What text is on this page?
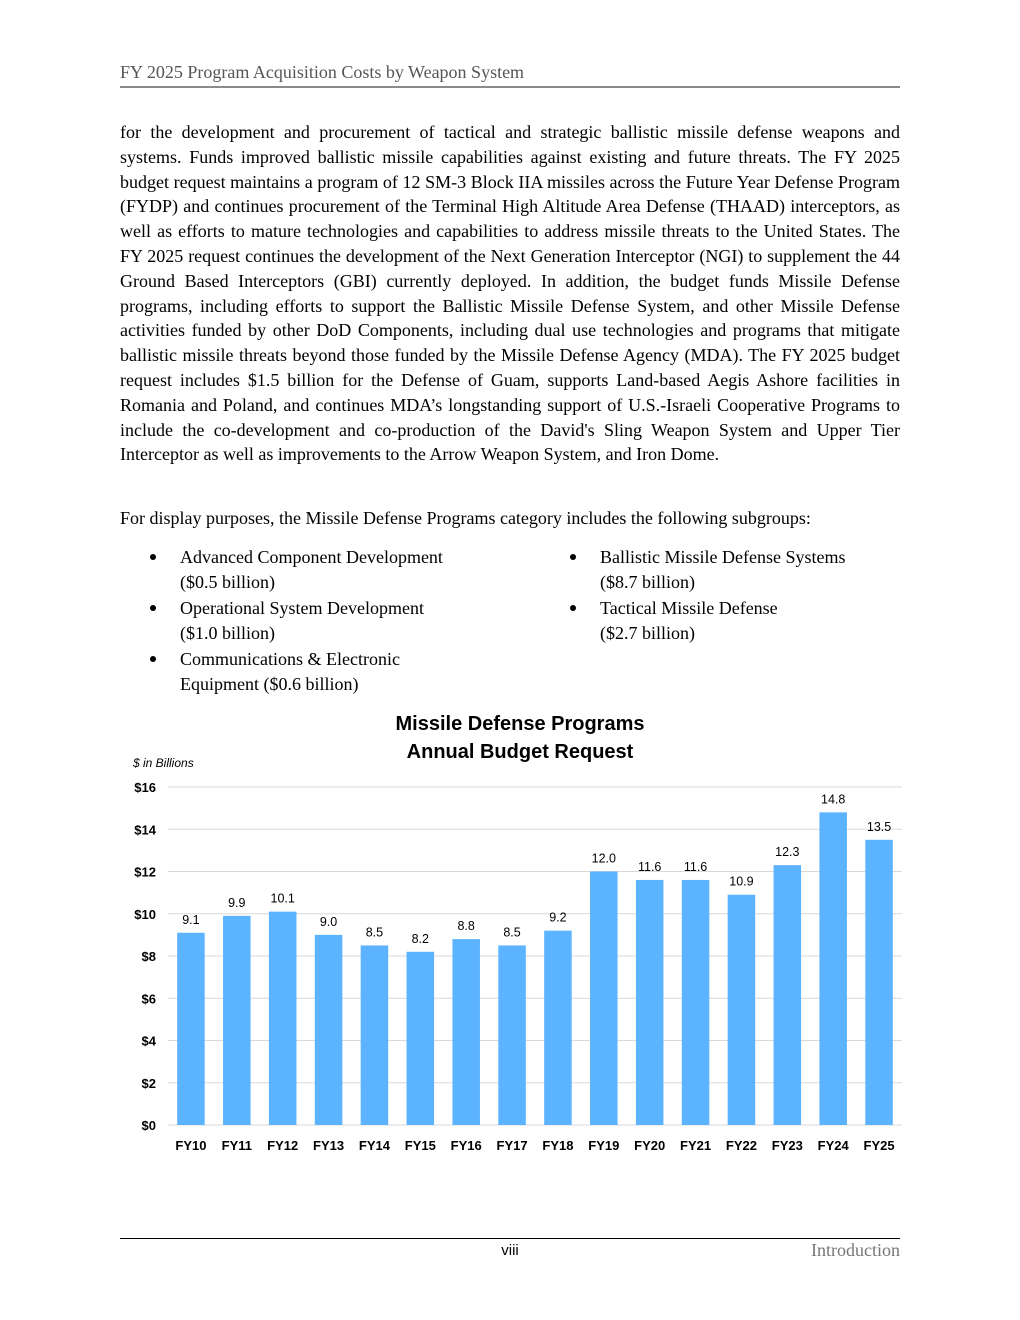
FY 2025 Program Acquisition Costs by Weapon System

for the development and procurement of tactical and strategic ballistic missile defense weapons and systems. Funds improved ballistic missile capabilities against existing and future threats. The FY 2025 budget request maintains a program of 12 SM-3 Block IIA missiles across the Future Year Defense Program (FYDP) and continues procurement of the Terminal High Altitude Area Defense (THAAD) interceptors, as well as efforts to mature technologies and capabilities to address missile threats to the United States. The FY 2025 request continues the development of the Next Generation Interceptor (NGI) to supplement the 44 Ground Based Interceptors (GBI) currently deployed. In addition, the budget funds Missile Defense programs, including efforts to support the Ballistic Missile Defense System, and other Missile Defense activities funded by other DoD Components, including dual use technologies and programs that mitigate ballistic missile threats beyond those funded by the Missile Defense Agency (MDA). The FY 2025 budget request includes $1.5 billion for the Defense of Guam, supports Land-based Aegis Ashore facilities in Romania and Poland, and continues MDA’s longstanding support of U.S.-Israeli Cooperative Programs to include the co-development and co-production of the David's Sling Weapon System and Upper Tier Interceptor as well as improvements to the Arrow Weapon System, and Iron Dome.

For display purposes, the Missile Defense Programs category includes the following subgroups:

Advanced Component Development
($0.5 billion)
Operational System Development
($1.0 billion)
Communications & Electronic
Equipment ($0.6 billion)
Ballistic Missile Defense Systems
($8.7 billion)
Tactical Missile Defense
($2.7 billion)
Missile Defense Programs
Annual Budget Request
$ in Billions
$0
$2
$4
$6
$8
$10
$12
$14
$16
9.1
FY10
9.9
FY11
10.1
FY12
9.0
FY13
8.5
FY14
8.2
FY15
8.8
FY16
8.5
FY17
9.2
FY18
12.0
FY19
11.6
FY20
11.6
FY21
10.9
FY22
12.3
FY23
14.8
FY24
13.5
FY25
viii	Introduction
